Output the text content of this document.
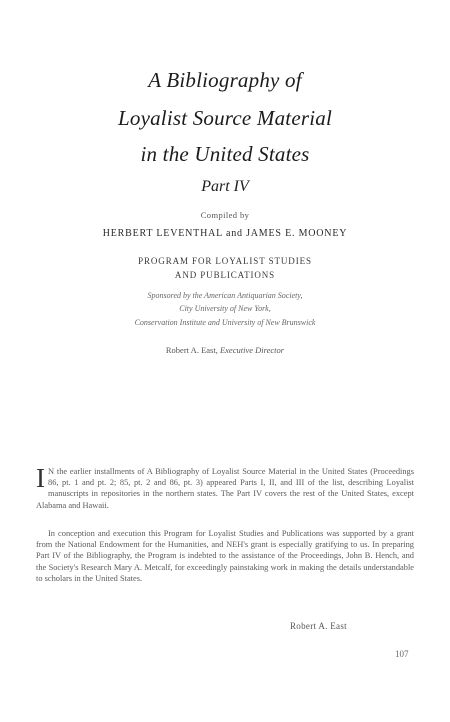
A Bibliography of
Loyalist Source Material
in the United States
Part IV
Compiled by
HERBERT LEVENTHAL and JAMES E. MOONEY
PROGRAM FOR LOYALIST STUDIES
AND PUBLICATIONS
Sponsored by the American Antiquarian Society,
City University of New York,
Conservation Institute and University of New Brunswick
Robert A. East, Executive Director
I N the earlier installments of A Bibliography of Loyalist Source Material in the United States (Proceedings 86, pt. 1 and pt. 2; 85, pt. 2 and 86, pt. 3) appeared Parts I, II, and III of the list, describing Loyalist manuscripts in repositories in the northern states. The Part IV covers the rest of the United States, except Alabama and Hawaii.
In conception and execution this Program for Loyalist Studies and Publications was supported by a grant from the National Endowment for the Humanities, and NEH's grant is especially gratifying to us. In preparing Part IV of the Bibliography, the Program is indebted to the assistance of the Proceedings, John B. Hench, and the Society's Research Mary A. Metcalf, for exceedingly painstaking work in making the details understandable to scholars in the United States.
Robert A. East
107
